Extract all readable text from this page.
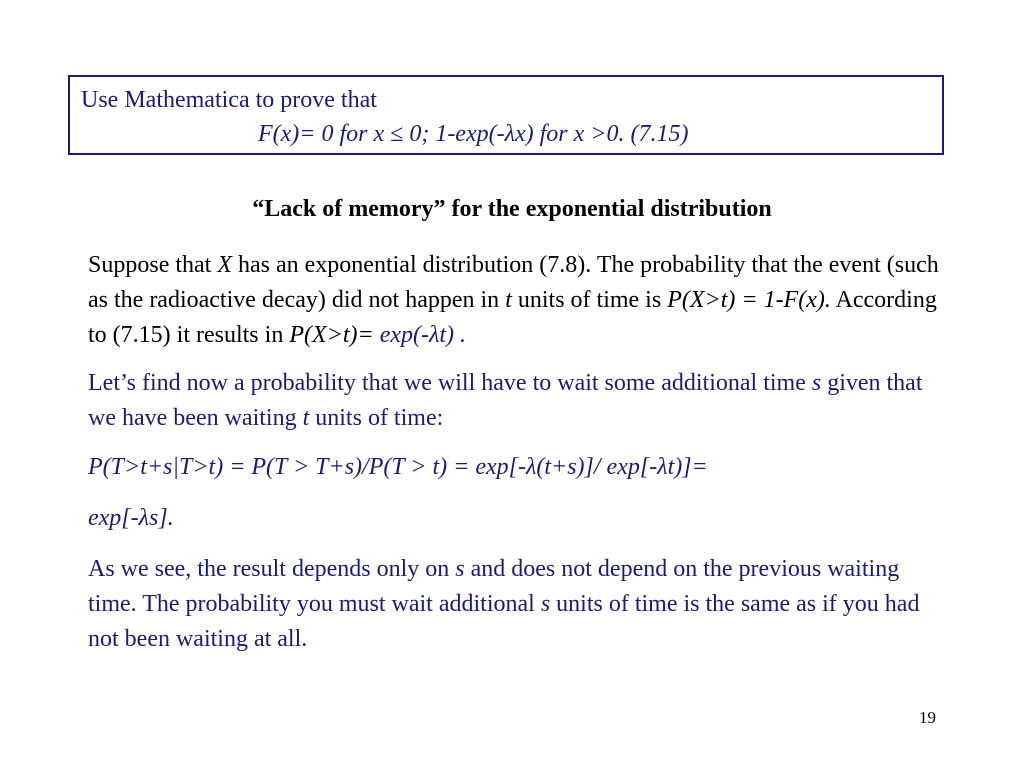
Use Mathematica to prove that
F(x)= 0 for x ≤ 0; 1-exp(-λx) for x >0. (7.15)
“Lack of memory” for the exponential distribution
Suppose that X has an exponential distribution (7.8). The probability that the event (such as the radioactive decay) did not happen in t units of time is P(X>t) = 1-F(x). According to (7.15) it results in P(X>t)= exp(-λt) .
Let’s find now a probability that we will have to wait some additional time s given that we have been waiting t units of time:
P(T>t+s|T>t) = P(T > T+s)/P(T > t) = exp[-λ(t+s)]/ exp[-λt)]=
exp[-λs].
As we see, the result depends only on s and does not depend on the previous waiting time. The probability you must wait additional s units of time is the same as if you had not been waiting at all.
19
